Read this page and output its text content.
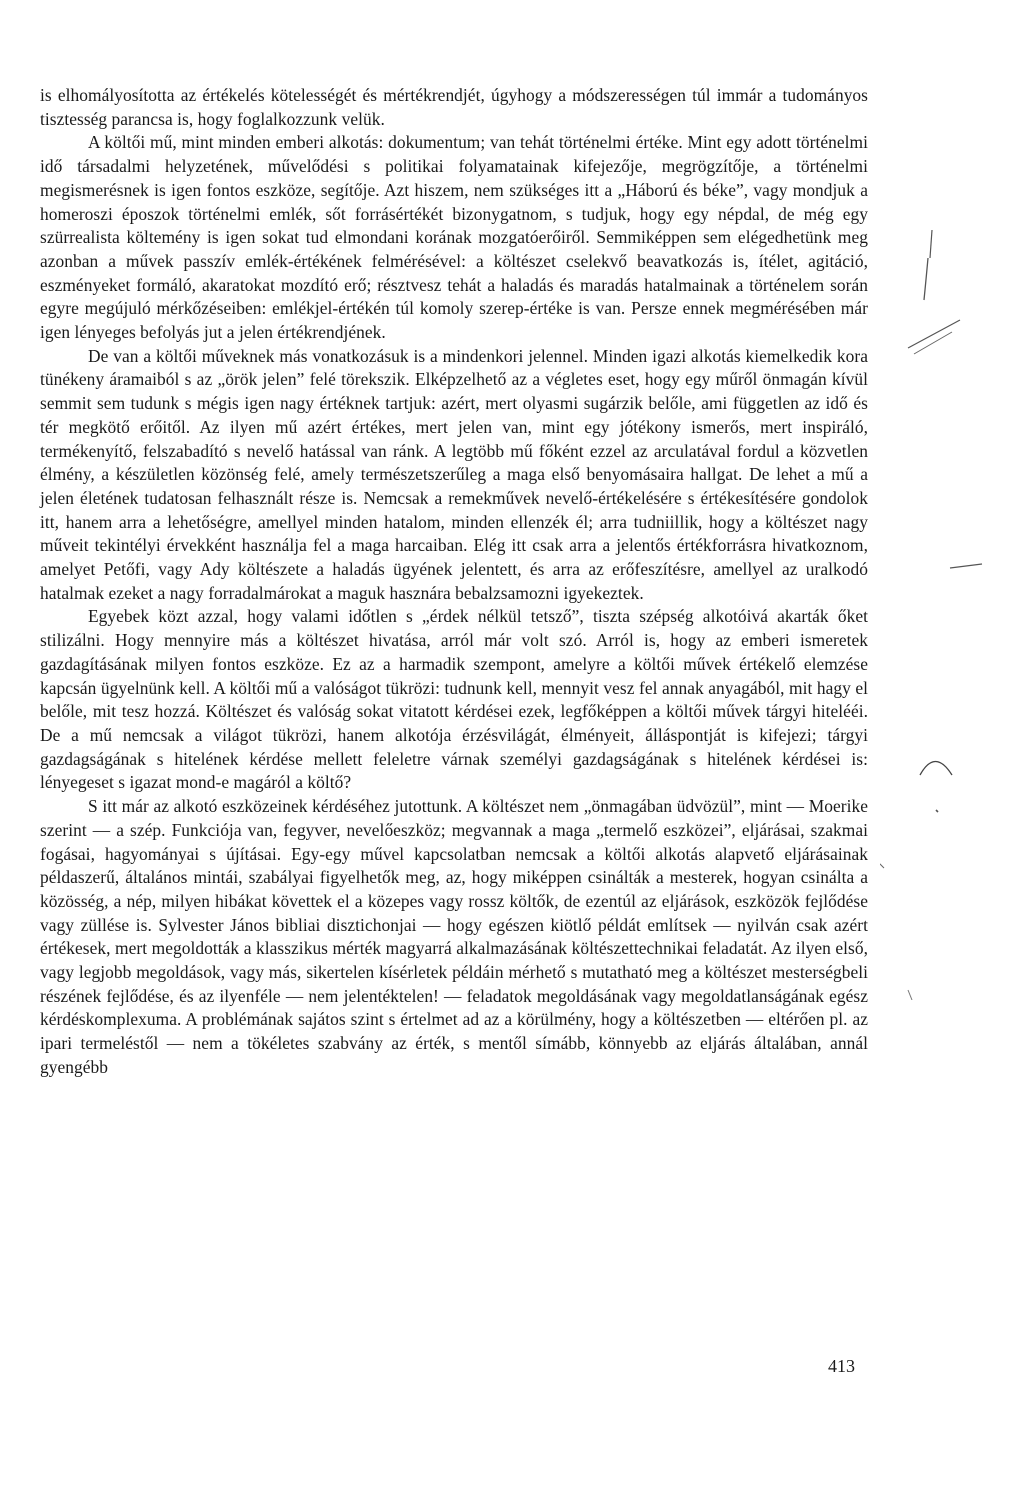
is elhomályosította az értékelés kötelességét és mértékrendjét, úgyhogy a módszerességen túl immár a tudományos tisztesség parancsa is, hogy foglalkozzunk velük.

A költői mű, mint minden emberi alkotás: dokumentum; van tehát történelmi értéke. Mint egy adott történelmi idő társadalmi helyzetének, művelődési s politikai folyamatainak kifejezője, megrögzítője, a történelmi megismerésnek is igen fontos eszköze, segítője. Azt hiszem, nem szükséges itt a „Háború és béke”, vagy mondjuk a homeroszi époszok történelmi emlék, sőt forrásértékét bizonygatnom, s tudjuk, hogy egy népdal, de még egy szürrealista költemény is igen sokat tud elmondani korának mozgatóerőiről. Semmiképpen sem elégedhetünk meg azonban a művek passzív emlék-értékének felmérésével: a költészet cselekvő beavatkozás is, ítélet, agitáció, eszményeket formáló, akaratokat mozdító erő; résztvesz tehát a haladás és maradás hatalmainak a történelem során egyre megújuló mérkőzéseiben: emlékjel-értékén túl komoly szerep-értéke is van. Persze ennek megmérésében már igen lényeges befolyás jut a jelen értékrendjének.

De van a költői műveknek más vonatkozásuk is a mindenkori jelennel. Minden igazi alkotás kiemelkedik kora tünékeny áramaiból s az „örök jelen” felé törekszik. Elképzelhető az a végletes eset, hogy egy műről önmagán kívül semmit sem tudunk s mégis igen nagy értéknek tartjuk: azért, mert olyasmi sugárzik belőle, ami független az idő és tér megkötő erőitől. Az ilyen mű azért értékes, mert jelen van, mint egy jótékony ismerős, mert inspiráló, termékenyítő, felszabadító s nevelő hatással van ránk. A legtöbb mű főként ezzel az arculatával fordul a közvetlen élmény, a készületlen közönség felé, amely természetszerűleg a maga első benyomásaira hallgat. De lehet a mű a jelen életének tudatosan felhasznált része is. Nemcsak a remekművek nevelő-értékelésére s értékesítésére gondolok itt, hanem arra a lehetőségre, amellyel minden hatalom, minden ellenzék él; arra tudniillik, hogy a költészet nagy műveit tekintélyi érvekként használja fel a maga harcaiban. Elég itt csak arra a jelentős értékforrásra hivatkoznom, amelyet Petőfi, vagy Ady költészete a haladás ügyének jelentett, és arra az erőfeszítésre, amellyel az uralkodó hatalmak ezeket a nagy forradalmárokat a maguk hasznára bebalzsamozni igyekeztek.

Egyebek közt azzal, hogy valami időtlen s „érdek nélkül tetsző”, tiszta szépség alkotóivá akarták őket stilizálni. Hogy mennyire más a költészet hivatása, arról már volt szó. Arról is, hogy az emberi ismeretek gazdagításának milyen fontos eszköze. Ez az a harmadik szempont, amelyre a költői művek értékelő elemzése kapcsán ügyelnünk kell. A költői mű a valóságot tükrözi: tudnunk kell, mennyit vesz fel annak anyagából, mit hagy el belőle, mit tesz hozzá. Költészet és valóság sokat vitatott kérdései ezek, legfőképpen a költői művek tárgyi hitelééi. De a mű nemcsak a világot tükrözi, hanem alkotója érzésvilágát, élményeit, álláspontját is kifejezi; tárgyi gazdagságának s hitelének kérdése mellett feleletre várnak személyi gazdagságának s hitelének kérdései is: lényegeset s igazat mond-e magáról a költő?

S itt már az alkotó eszközeinek kérdéséhez jutottunk. A költészet nem „önmagában üdvözül”, mint — Moerike szerint — a szép. Funkciója van, fegyver, nevelőeszköz; megvannak a maga „termelő eszközei”, eljárásai, szakmai fogásai, hagyományai s újításai. Egy-egy művel kapcsolatban nemcsak a költői alkotás alapvető eljárásainak példaszerű, általános mintái, szabályai figyelhetők meg, az, hogy miképpen csinálták a mesterek, hogyan csinálta a közösség, a nép, milyen hibákat követtek el a közepes vagy rossz költők, de ezentúl az eljárások, eszközök fejlődése vagy züllése is. Sylvester János bibliai disztichonjai — hogy egészen kiötlő példát említsek — nyilván csak azért értékesek, mert megoldották a klasszikus mérték magyarrá alkalmazásának költészettechnikai feladatát. Az ilyen első, vagy legjobb megoldások, vagy más, sikertelen kísérletek példáin mérhető s mutatható meg a költészet mesterségbeli részének fejlődése, és az ilyenféle — nem jelentéktelen! — feladatok megoldásának vagy megoldatlanságának egész kérdéskomplexuma. A problémának sajátos szint s értelmet ad az a körülmény, hogy a költészetben — eltérően pl. az ipari termeléstől — nem a tökéletes szabvány az érték, s mentől símább, könnyebb az eljárás általában, annál gyengébb

413
